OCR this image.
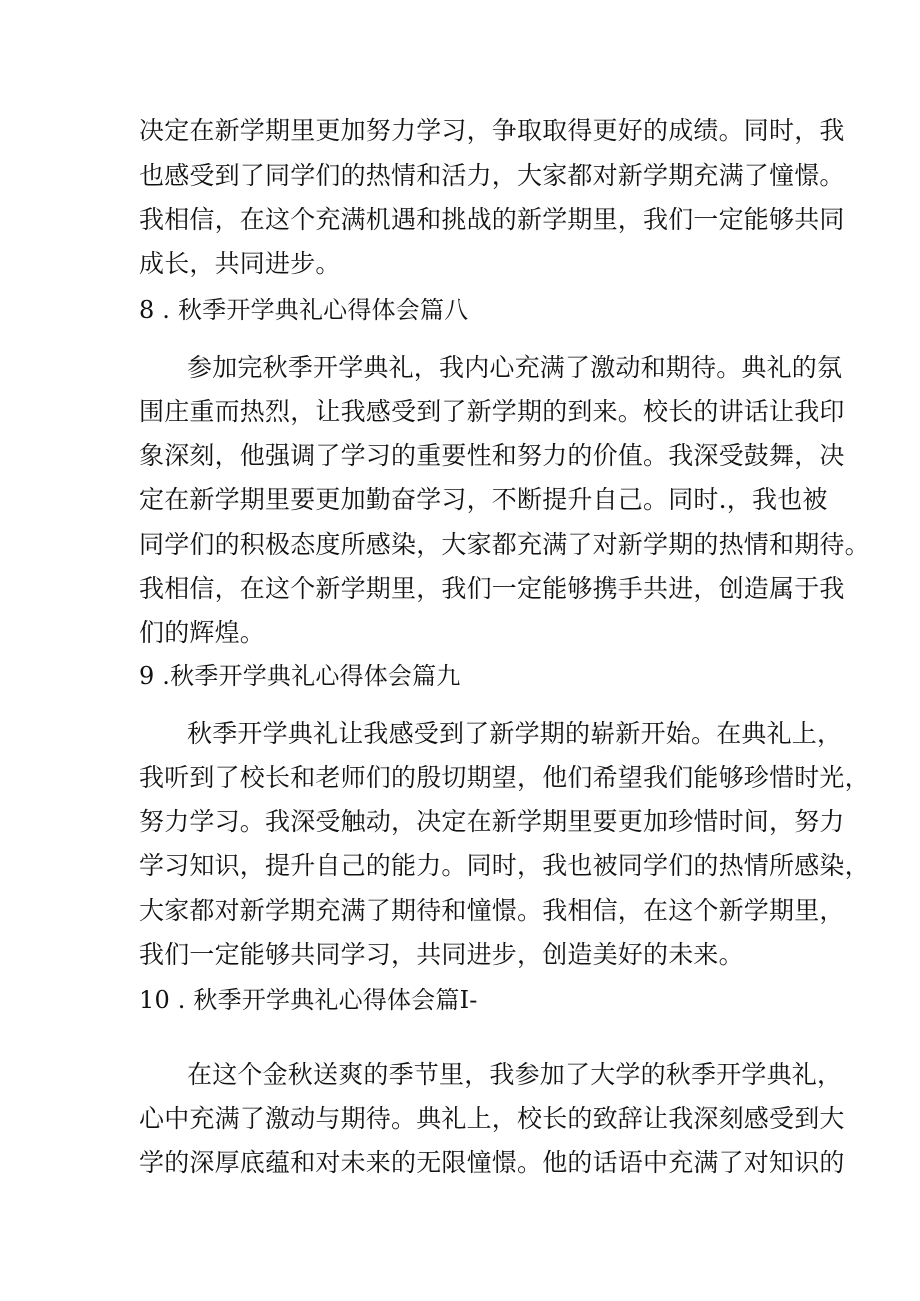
决定在新学期里更加努力学习，争取取得更好的成绩。同时，我
也感受到了同学们的热情和活力，大家都对新学期充满了憧憬。
我相信，在这个充满机遇和挑战的新学期里，我们一定能够共同
成长，共同进步。
8 . 秋季开学典礼心得体会篇八
参加完秋季开学典礼，我内心充满了激动和期待。典礼的氛
围庄重而热烈，让我感受到了新学期的到来。校长的讲话让我印
象深刻，他强调了学习的重要性和努力的价值。我深受鼓舞，决
定在新学期里要更加勤奋学习，不断提升自己。同时.，我也被
同学们的积极态度所感染，大家都充满了对新学期的热情和期待。
我相信，在这个新学期里，我们一定能够携手共进，创造属于我
们的辉煌。
9 .秋季开学典礼心得体会篇九
秋季开学典礼让我感受到了新学期的崭新开始。在典礼上，
我听到了校长和老师们的殷切期望，他们希望我们能够珍惜时光，
努力学习。我深受触动，决定在新学期里要更加珍惜时间，努力
学习知识，提升自己的能力。同时，我也被同学们的热情所感染，
大家都对新学期充满了期待和憧憬。我相信，在这个新学期里，
我们一定能够共同学习，共同进步，创造美好的未来。
10 . 秋季开学典礼心得体会篇I-
在这个金秋送爽的季节里，我参加了大学的秋季开学典礼，
心中充满了激动与期待。典礼上，校长的致辞让我深刻感受到大
学的深厚底蕴和对未来的无限憧憬。他的话语中充满了对知识的
